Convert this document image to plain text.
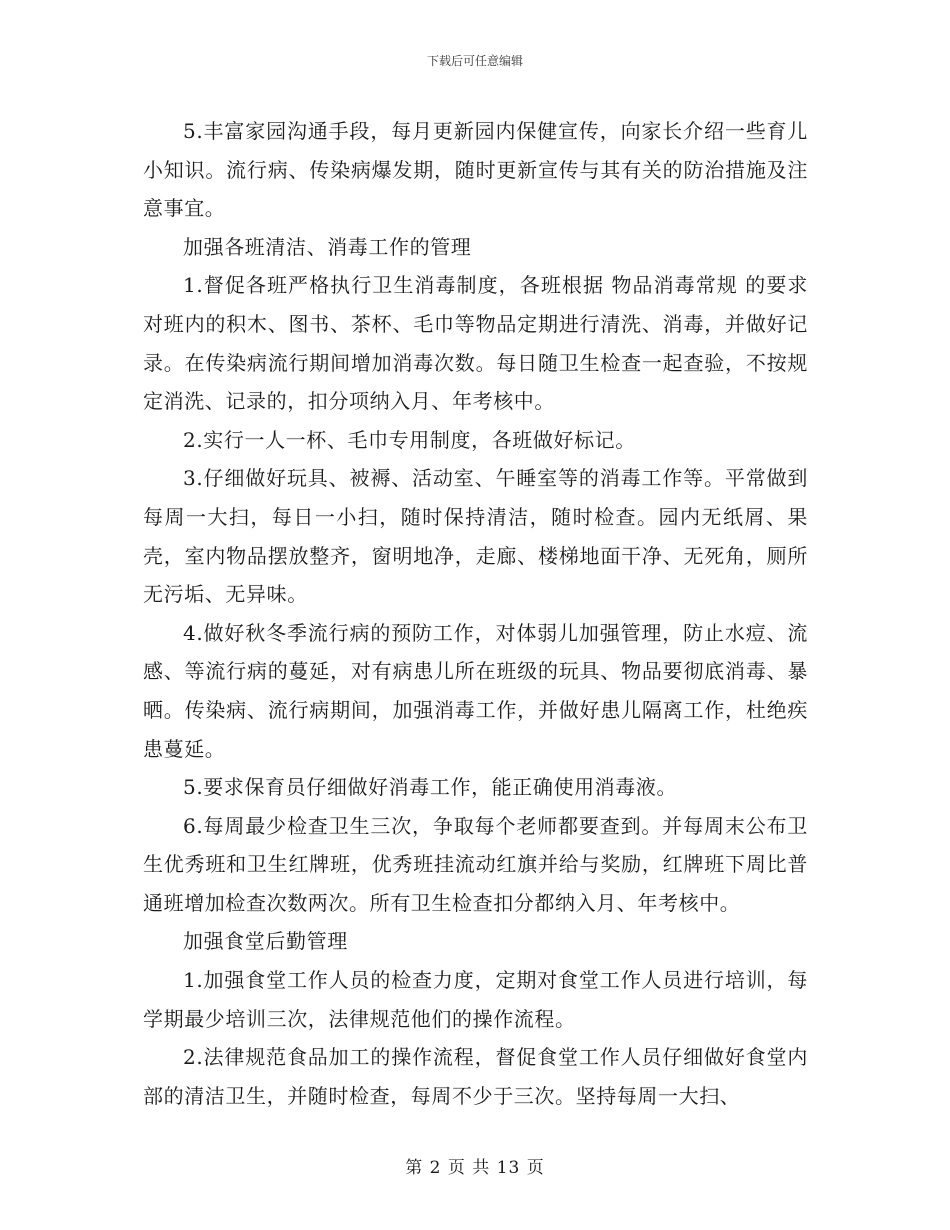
下载后可任意编辑

5.丰富家园沟通手段，每月更新园内保健宣传，向家长介绍一些育儿小知识。流行病、传染病爆发期，随时更新宣传与其有关的防治措施及注意事宜。

加强各班清洁、消毒工作的管理

1.督促各班严格执行卫生消毒制度，各班根据 物品消毒常规 的要求对班内的积木、图书、茶杯、毛巾等物品定期进行清洗、消毒，并做好记录。在传染病流行期间增加消毒次数。每日随卫生检查一起查验，不按规定消洗、记录的，扣分项纳入月、年考核中。

2.实行一人一杯、毛巾专用制度，各班做好标记。

3.仔细做好玩具、被褥、活动室、午睡室等的消毒工作等。平常做到每周一大扫，每日一小扫，随时保持清洁，随时检查。园内无纸屑、果壳，室内物品摆放整齐，窗明地净，走廊、楼梯地面干净、无死角，厕所无污垢、无异味。

4.做好秋冬季流行病的预防工作，对体弱儿加强管理，防止水痘、流感、等流行病的蔓延，对有病患儿所在班级的玩具、物品要彻底消毒、暴晒。传染病、流行病期间，加强消毒工作，并做好患儿隔离工作，杜绝疾患蔓延。

5.要求保育员仔细做好消毒工作，能正确使用消毒液。

6.每周最少检查卫生三次，争取每个老师都要查到。并每周末公布卫生优秀班和卫生红牌班，优秀班挂流动红旗并给与奖励，红牌班下周比普通班增加检查次数两次。所有卫生检查扣分都纳入月、年考核中。

加强食堂后勤管理

1.加强食堂工作人员的检查力度，定期对食堂工作人员进行培训，每学期最少培训三次，法律规范他们的操作流程。

2.法律规范食品加工的操作流程，督促食堂工作人员仔细做好食堂内部的清洁卫生，并随时检查，每周不少于三次。坚持每周一大扫、

第 2 页 共 13 页
